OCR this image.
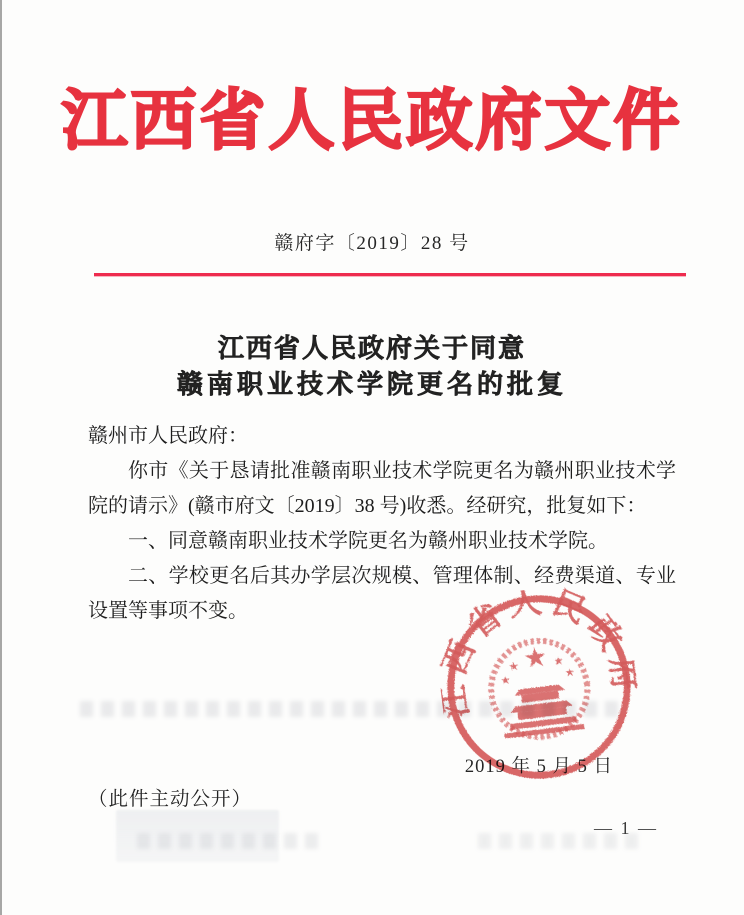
江西省人民政府文件
赣府字〔2019〕28 号
江西省人民政府关于同意
赣南职业技术学院更名的批复

赣州市人民政府：

你市《关于恳请批准赣南职业技术学院更名为赣州职业技术学院的请示》(赣市府文〔2019〕38 号)收悉。经研究，批复如下：

一、同意赣南职业技术学院更名为赣州职业技术学院。

二、学校更名后其办学层次规模、管理体制、经费渠道、专业设置等事项不变。

江西省人民政府
2019 年 5 月 5 日
（此件主动公开）
— 1 —
